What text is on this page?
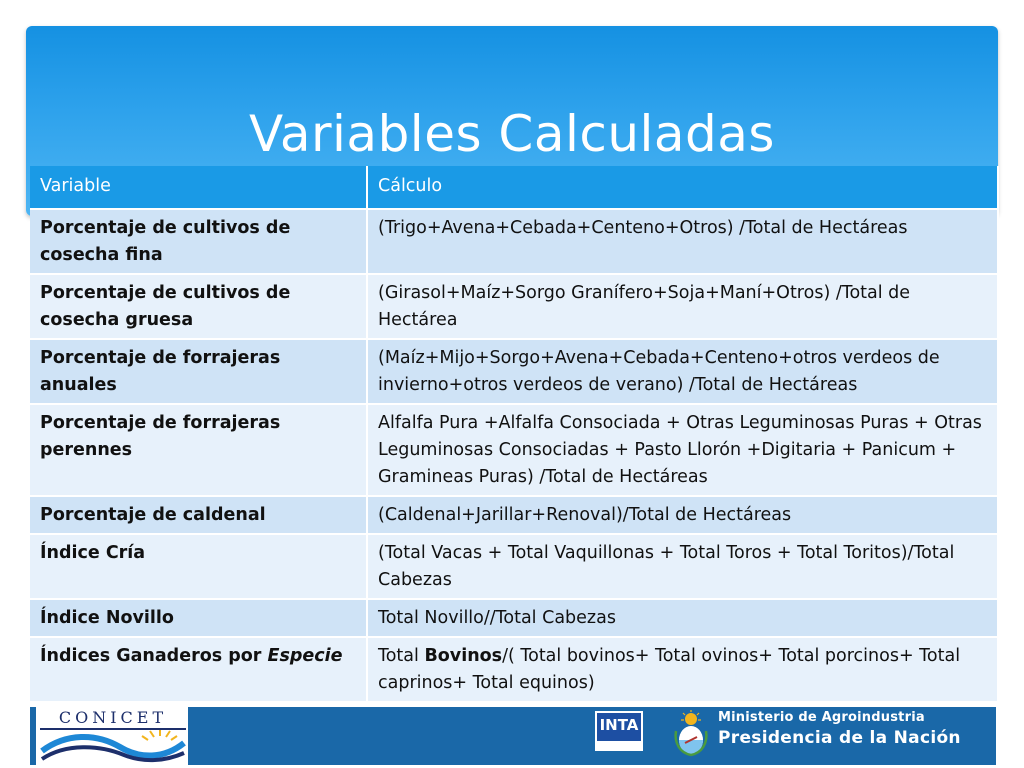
Variables Calculadas
Variable	Cálculo
Porcentaje de cultivos de cosecha fina	(Trigo+Avena+Cebada+Centeno+Otros) /Total de Hectáreas
Porcentaje de cultivos de cosecha gruesa	(Girasol+Maíz+Sorgo Granífero+Soja+Maní+Otros) /Total de Hectárea
Porcentaje de forrajeras anuales	(Maíz+Mijo+Sorgo+Avena+Cebada+Centeno+otros verdeos de invierno+otros verdeos de verano) /Total de Hectáreas
Porcentaje de forrajeras perennes	Alfalfa Pura +Alfalfa Consociada + Otras Leguminosas Puras + Otras Leguminosas Consociadas + Pasto Llorón +Digitaria + Panicum + Gramineas Puras) /Total de Hectáreas
Porcentaje de caldenal	(Caldenal+Jarillar+Renoval)/Total de Hectáreas
Índice Cría	(Total Vacas + Total Vaquillonas + Total Toros + Total Toritos)/Total Cabezas
Índice Novillo	Total Novillo//Total Cabezas
Índices Ganaderos por Especie	Total Bovinos/( Total bovinos+ Total ovinos+ Total porcinos+ Total caprinos+ Total equinos)
CONICET	INTA	Ministerio de Agroindustria
Presidencia de la Nación
